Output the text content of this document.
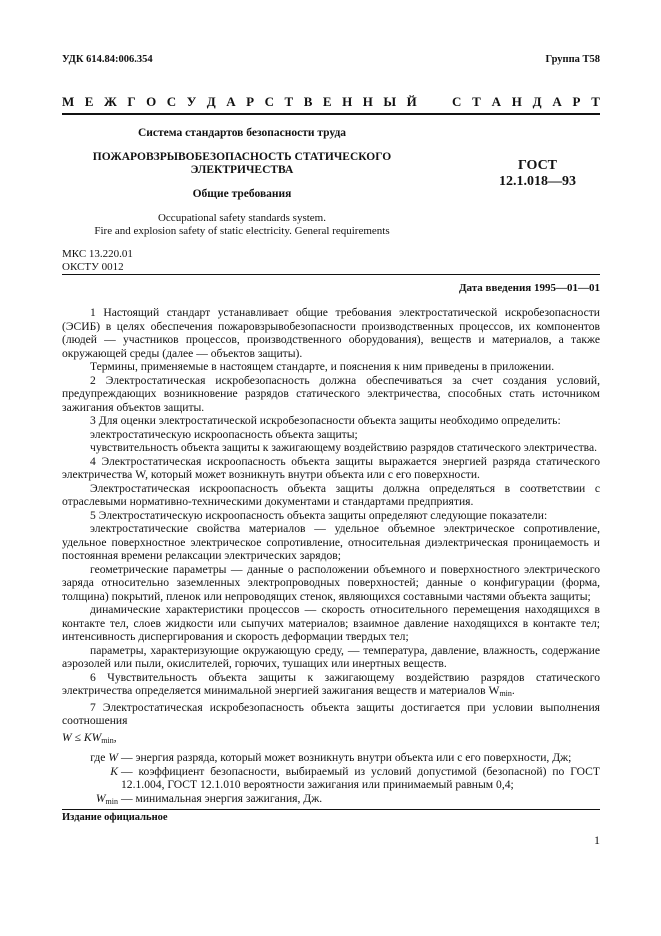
УДК 614.84:006.354	Группа Т58
М Е Ж Г О С У Д А Р С Т В Е Н Н Ы Й	С Т А Н Д А Р Т
Система стандартов безопасности труда
ПОЖАРОВЗРЫВОБЕЗОПАСНОСТЬ СТАТИЧЕСКОГО
ЭЛЕКТРИЧЕСТВА
Общие требования
ГОСТ
12.1.018—93
Occupational safety standards system.
Fire and explosion safety of static electricity. General requirements
МКС 13.220.01
ОКСТУ 0012
Дата введения 1995—01—01

1 Настоящий стандарт устанавливает общие требования электростатической искробезопасности (ЭСИБ) в целях обеспечения пожаровзрывобезопасности производственных процессов, их компонентов (людей — участников процессов, производственного оборудования), веществ и материалов, а также окружающей среды (далее — объектов защиты).

Термины, применяемые в настоящем стандарте, и пояснения к ним приведены в приложении.

2 Электростатическая искробезопасность должна обеспечиваться за счет создания условий, предупреждающих возникновение разрядов статического электричества, способных стать источником зажигания объектов защиты.

3 Для оценки электростатической искробезопасности объекта защиты необходимо определить:

электростатическую искроопасность объекта защиты;

чувствительность объекта защиты к зажигающему воздействию разрядов статического электричества.

4 Электростатическая искроопасность объекта защиты выражается энергией разряда статического электричества W, который может возникнуть внутри объекта или с его поверхности.

Электростатическая искроопасность объекта защиты должна определяться в соответствии с отраслевыми нормативно-техническими документами и стандартами предприятия.

5 Электростатическую искроопасность объекта защиты определяют следующие показатели:

электростатические свойства материалов — удельное объемное электрическое сопротивление, удельное поверхностное электрическое сопротивление, относительная диэлектрическая проницаемость и постоянная времени релаксации электрических зарядов;

геометрические параметры — данные о расположении объемного и поверхностного электрического заряда относительно заземленных электропроводных поверхностей; данные о конфигурации (форма, толщина) покрытий, пленок или непроводящих стенок, являющихся составными частями объекта защиты;

динамические характеристики процессов — скорость относительного перемещения находящихся в контакте тел, слоев жидкости или сыпучих материалов; взаимное давление находящихся в контакте тел; интенсивность диспергирования и скорость деформации твердых тел;

параметры, характеризующие окружающую среду, — температура, давление, влажность, содержание аэрозолей или пыли, окислителей, горючих, тушащих или инертных веществ.

6 Чувствительность объекта защиты к зажигающему воздействию разрядов статического электричества определяется минимальной энергией зажигания веществ и материалов $W_{min}$.

7 Электростатическая искробезопасность объекта защиты достигается при условии выполнения соотношения

$W \le KW_{min}$,

где W — энергия разряда, который может возникнуть внутри объекта или с его поверхности, Дж;
K — коэффициент безопасности, выбираемый из условий допустимой (безопасной) по ГОСТ 12.1.004, ГОСТ 12.1.010 вероятности зажигания или принимаемый равным 0,4;
$W_{min}$ — минимальная энергия зажигания, Дж.
Издание официальное
1
